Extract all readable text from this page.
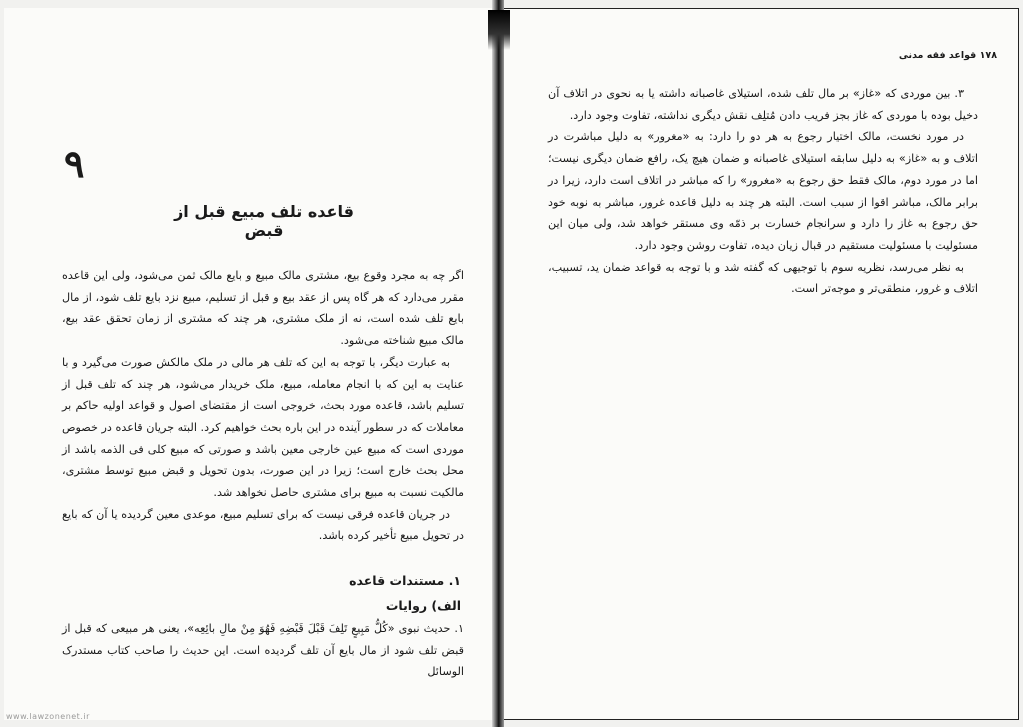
۹
قاعده تلف مبیع قبل از قبض

اگر چه به مجرد وقوع بیع، مشتری مالک مبیع و بایع مالک ثمن می‌شود، ولی این قاعده مقرر می‌دارد که هر گاه پس از عقد بیع و قبل از تسلیم، مبیع نزد بایع تلف شود، از مال بایع تلف شده است، نه از ملک مشتری، هر چند که مشتری از زمان تحقق عقد بیع، مالک مبیع شناخته می‌شود.

به عبارت دیگر، با توجه به این که تلف هر مالی در ملک مالکش صورت می‌گیرد و با عنایت به این که با انجام معامله، مبیع، ملک خریدار می‌شود، هر چند که تلف قبل از تسلیم باشد، قاعده مورد بحث، خروجی است از مقتضای اصول و قواعد اولیه حاکم بر معاملات که در سطور آینده در این باره بحث خواهیم کرد. البته جریان قاعده در خصوص موردی است که مبیع عین خارجی معین باشد و صورتی که مبیع کلی فی الذمه باشد از محل بحث خارج است؛ زیرا در این صورت، بدون تحویل و قبض مبیع توسط مشتری، مالکیت نسبت به مبیع برای مشتری حاصل نخواهد شد.

در جریان قاعده فرقی نیست که برای تسلیم مبیع، موعدی معین گردیده یا آن که بایع در تحویل مبیع تأخیر کرده باشد.

۱. مستندات قاعده
الف) روایات

۱. حدیث نبوی «كُلُّ مَبِيعٍ تَلِفَ قَبْلَ قَبْضِهِ فَهُوَ مِنْ مالِ بائِعِه»، یعنی هر مبیعی که قبل از قبض تلف شود از مال بایع آن تلف گردیده است. این حدیث را صاحب کتاب مستدرک الوسائل

۱۷۸ قواعد فقه مدنی

۳. بین موردی که «غاز» بر مال تلف شده، استیلای غاصبانه داشته یا به نحوی در اتلاف آن دخیل بوده با موردی که غاز بجز فریب دادن مُتلِف نقش دیگری نداشته، تفاوت وجود دارد.

در مورد نخست، مالک اختیار رجوع به هر دو را دارد: به «مغرور» به دلیل مباشرت در اتلاف و به «غاز» به دلیل سابقه استیلای غاصبانه و ضمان هیچ یک، رافع ضمان دیگری نیست؛ اما در مورد دوم، مالک فقط حق رجوع به «مغرور» را که مباشر در اتلاف است دارد، زیرا در برابر مالک، مباشر اقوا از سبب است. البته هر چند به دلیل قاعده غرور، مباشر به نوبه خود حق رجوع به غاز را دارد و سرانجام خسارت بر ذمّه وی مستقر خواهد شد، ولی میان این مسئولیت با مسئولیت مستقیم در قبال زیان دیده، تفاوت روشن وجود دارد.

به نظر می‌رسد، نظریه سوم با توجیهی که گفته شد و با توجه به قواعد ضمان ید، تسبیب، اتلاف و غرور، منطقی‌تر و موجه‌تر است.

www.lawzonenet.ir
